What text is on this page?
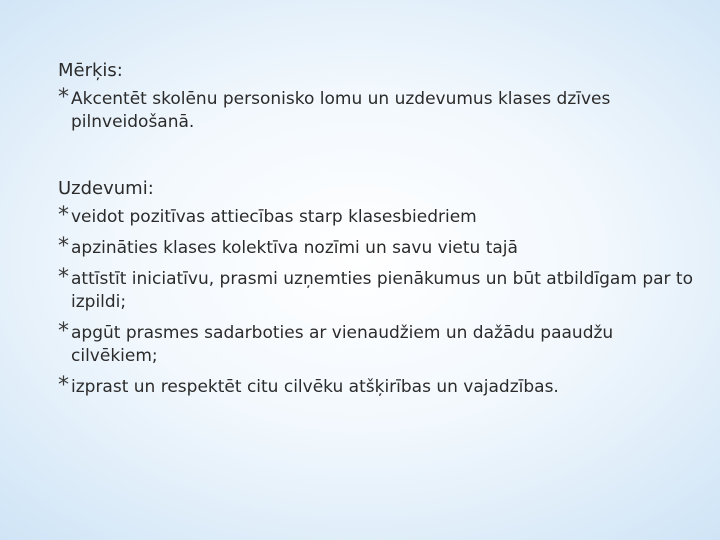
Mērķis:

* Akcentēt skolēnu personisko lomu un uzdevumus klases dzīves pilnveidošanā.

Uzdevumi:

* veidot pozitīvas attiecības starp klasesbiedriem
* apzināties klases kolektīva nozīmi un savu vietu tajā
* attīstīt iniciatīvu, prasmi uzņemties pienākumus un būt atbildīgam par to izpildi;
* apgūt prasmes sadarboties ar vienaudžiem un dažādu paaudžu cilvēkiem;
* izprast un respektēt citu cilvēku atšķirības un vajadzības.
